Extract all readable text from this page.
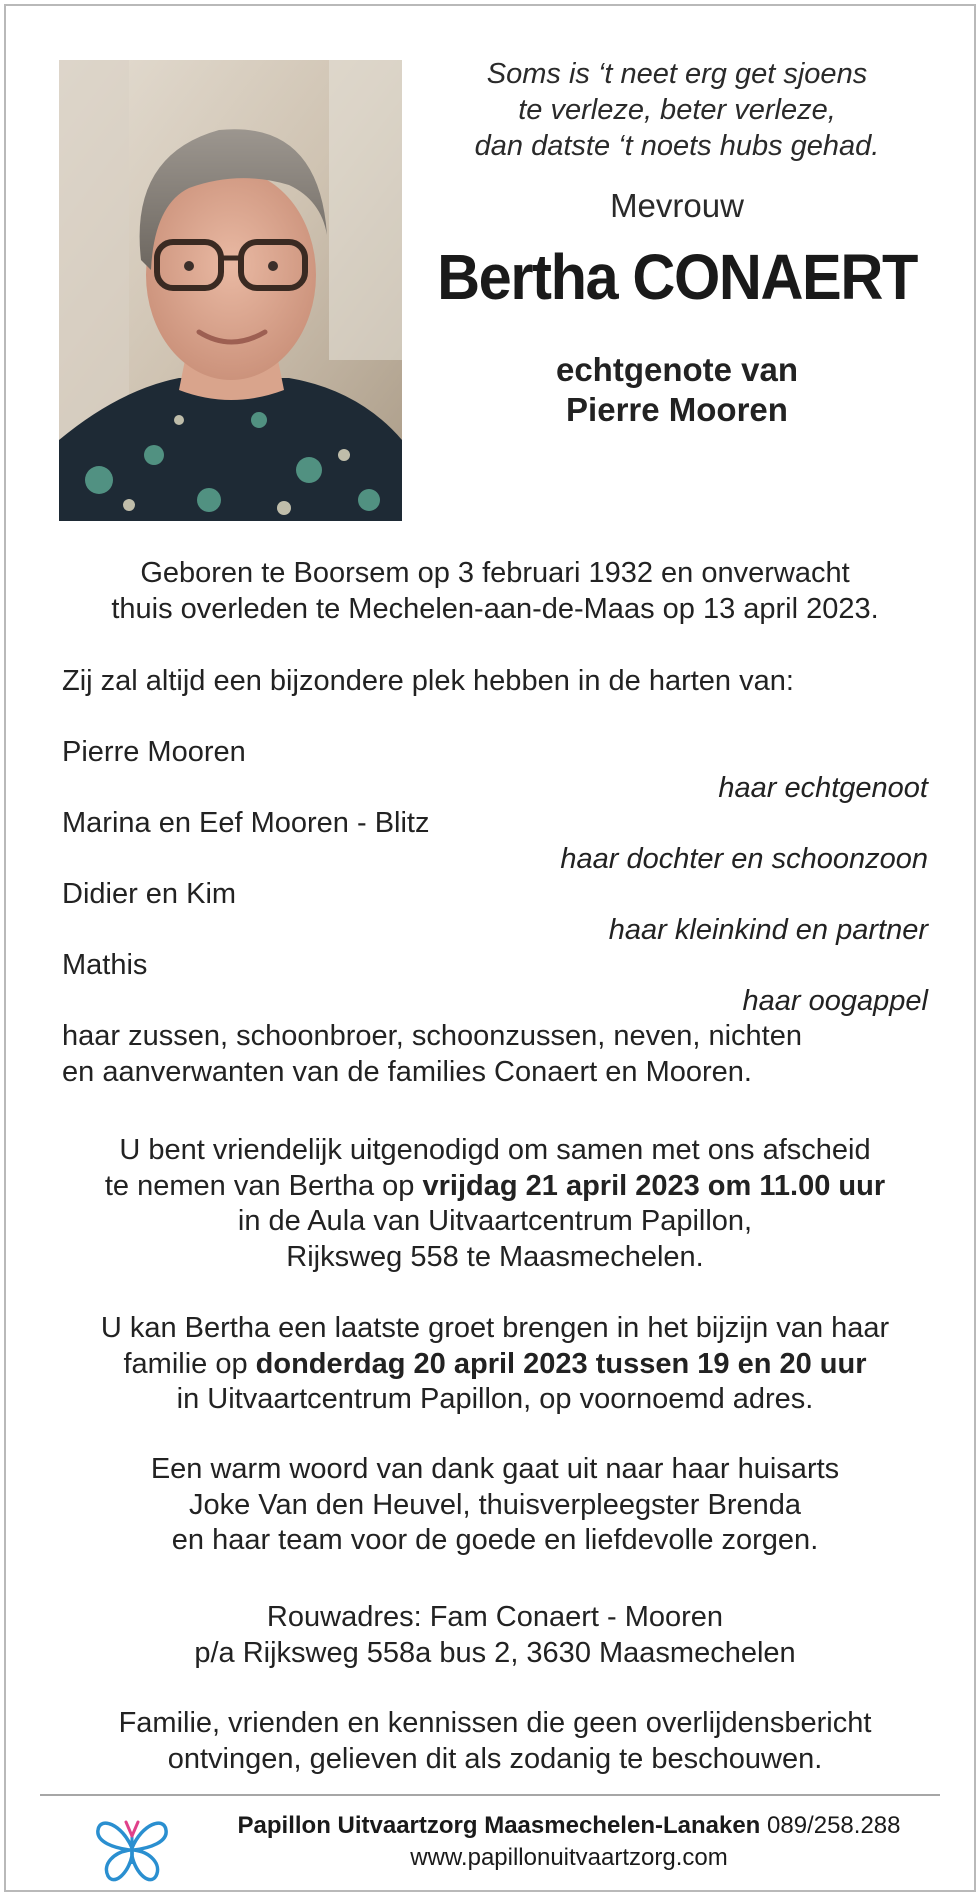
Soms is ‘t neet erg get sjoens
te verleze, beter verleze,
dan datste ‘t noets hubs gehad.
Mevrouw
Bertha CONAERT
echtgenote van
Pierre Mooren
Geboren te Boorsem op 3 februari 1932 en onverwacht
thuis overleden te Mechelen-aan-de-Maas op 13 april 2023.
Zij zal altijd een bijzondere plek hebben in de harten van:
Pierre Mooren
haar echtgenoot
Marina en Eef Mooren - Blitz
haar dochter en schoonzoon
Didier en Kim
haar kleinkind en partner
Mathis
haar oogappel
haar zussen, schoonbroer, schoonzussen, neven, nichten
en aanverwanten van de families Conaert en Mooren.
U bent vriendelijk uitgenodigd om samen met ons afscheid
te nemen van Bertha op vrijdag 21 april 2023 om 11.00 uur
in de Aula van Uitvaartcentrum Papillon,
Rijksweg 558 te Maasmechelen.
U kan Bertha een laatste groet brengen in het bijzijn van haar
familie op donderdag 20 april 2023 tussen 19 en 20 uur
in Uitvaartcentrum Papillon, op voornoemd adres.
Een warm woord van dank gaat uit naar haar huisarts
Joke Van den Heuvel, thuisverpleegster Brenda
en haar team voor de goede en liefdevolle zorgen.
Rouwadres: Fam Conaert - Mooren
p/a Rijksweg 558a bus 2, 3630 Maasmechelen
Familie, vrienden en kennissen die geen overlijdensbericht
ontvingen, gelieven dit als zodanig te beschouwen.
Papillon Uitvaartzorg Maasmechelen-Lanaken 089/258.288
www.papillonuitvaartzorg.com
